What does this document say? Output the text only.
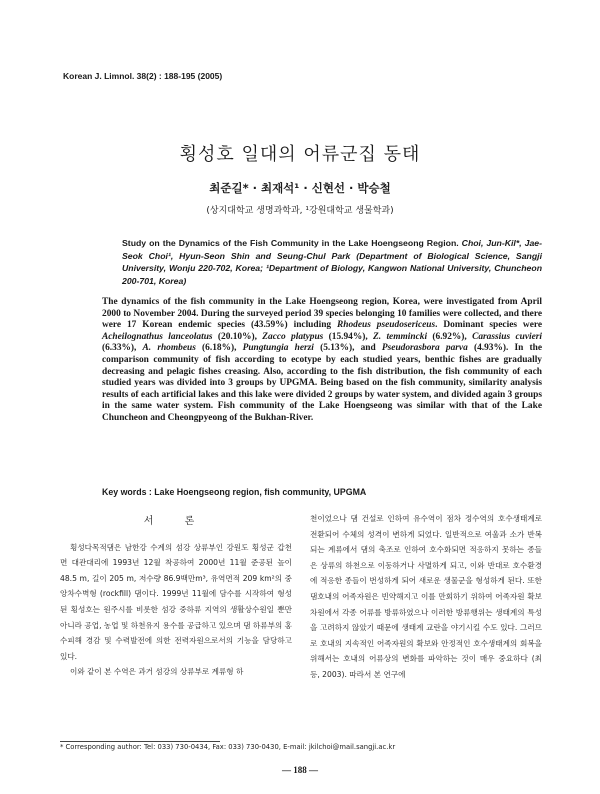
Korean J. Limnol. 38(2) : 188-195 (2005)
횡성호 일대의 어류군집 동태
최준길* · 최재석¹ · 신현선 · 박승철
(상지대학교 생명과학과, ¹강원대학교 생물학과)
Study on the Dynamics of the Fish Community in the Lake Hoengseong Region. Choi, Jun-Kil*, Jae-Seok Choi¹, Hyun-Seon Shin and Seung-Chul Park (Department of Biological Science, Sangji University, Wonju 220-702, Korea; ¹Department of Biology, Kangwon National University, Chuncheon 200-701, Korea)
The dynamics of the fish community in the Lake Hoengseong region, Korea, were investigated from April 2000 to November 2004. During the surveyed period 39 species belonging 10 families were collected, and there were 17 Korean endemic species (43.59%) including Rhodeus pseudosericeus. Dominant species were Acheilognathus lanceolatus (20.10%), Zacco platypus (15.94%), Z. temmincki (6.92%), Carassius cuvieri (6.33%), A. rhombeus (6.18%), Pungtungia herzi (5.13%), and Pseudorasbora parva (4.93%). In the comparison community of fish according to ecotype by each studied years, benthic fishes are gradually decreasing and pelagic fishes creasing. Also, according to the fish distribution, the fish community of each studied years was divided into 3 groups by UPGMA. Being based on the fish community, similarity analysis results of each artificial lakes and this lake were divided 2 groups by water system, and divided again 3 groups in the same water system. Fish community of the Lake Hoengseong was similar with that of the Lake Chuncheon and Cheongpyeong of the Bukhan-River.
Key words : Lake Hoengseong region, fish community, UPGMA
서 론

횡성다목적댐은 남한강 수계의 섬강 상류부인 강원도 횡성군 갑천면 대관대리에 1993년 12월 착공하여 2000년 11월 준공된 높이 48.5 m, 길이 205 m, 저수량 86.9백만m³, 유역면적 209 km²의 중앙차수벽형 (rockfill) 댐이다. 1999년 11월에 담수를 시작하여 형성된 횡성호는 원주시를 비롯한 섬강 중하류 지역의 생활상수원일 뿐만 아니라 공업, 농업 및 하천유지 용수를 공급하고 있으며 댐 하류부의 홍수피해 경감 및 수력발전에 의한 전력자원으로서의 기능을 담당하고 있다.

이와 같이 본 수역은 과거 섬강의 상류부로 계류형 하

천이었으나 댐 건설로 인하여 유수역이 점차 정수역의 호수생태계로 전환되어 수체의 성격이 변하게 되었다. 일반적으로 여울과 소가 반복되는 계류에서 댐의 축조로 인하여 호수화되면 적응하지 못하는 종들은 상류의 하천으로 이동하거나 사멸하게 되고, 이와 반대로 호수환경에 적응한 종들이 번성하게 되어 새로운 생물군을 형성하게 된다. 또한 댐호내의 어족자원은 빈약해지고 이를 만회하기 위하여 어족자원 확보 차원에서 각종 어류를 방류하였으나 이러한 방류행위는 생태계의 특성을 고려하지 않았기 때문에 생태계 교란을 야기시킬 수도 있다. 그러므로 호내의 지속적인 어족자원의 확보와 안정적인 호수생태계의 회복을 위해서는 호내의 어류상의 변화를 파악하는 것이 매우 중요하다 (최 등, 2003). 따라서 본 연구에

* Corresponding author: Tel: 033) 730-0434, Fax: 033) 730-0430, E-mail: jkilchoi@mail.sangji.ac.kr
— 188 —
